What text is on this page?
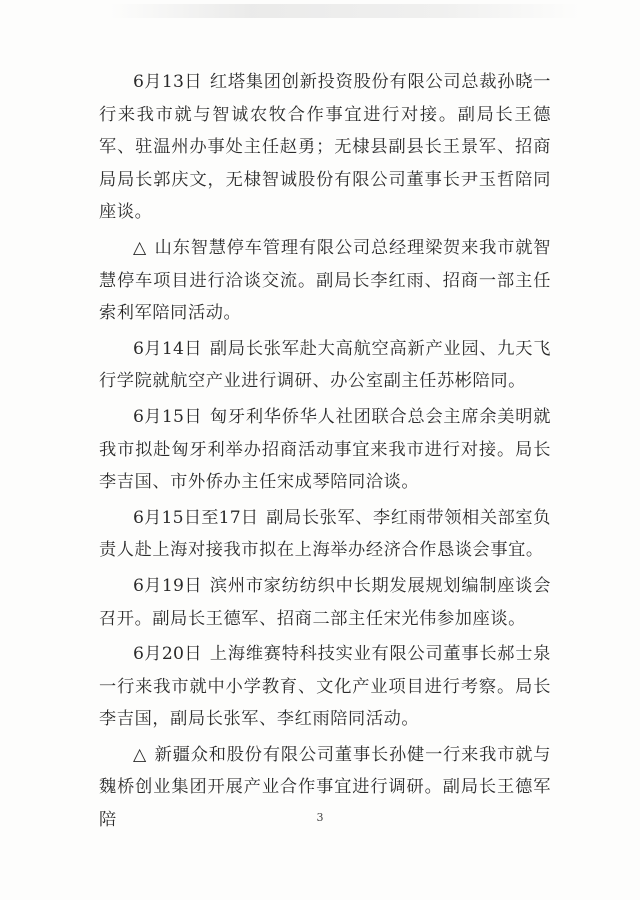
6月13日 红塔集团创新投资股份有限公司总裁孙晓一行来我市就与智诚农牧合作事宜进行对接。副局长王德军、驻温州办事处主任赵勇；无棣县副县长王景军、招商局局长郭庆文，无棣智诚股份有限公司董事长尹玉哲陪同座谈。

△ 山东智慧停车管理有限公司总经理梁贺来我市就智慧停车项目进行洽谈交流。副局长李红雨、招商一部主任索利军陪同活动。

6月14日 副局长张军赴大高航空高新产业园、九天飞行学院就航空产业进行调研、办公室副主任苏彬陪同。

6月15日 匈牙利华侨华人社团联合总会主席余美明就我市拟赴匈牙利举办招商活动事宜来我市进行对接。局长李吉国、市外侨办主任宋成琴陪同洽谈。

6月15日至17日 副局长张军、李红雨带领相关部室负责人赴上海对接我市拟在上海举办经济合作恳谈会事宜。

6月19日 滨州市家纺纺织中长期发展规划编制座谈会召开。副局长王德军、招商二部主任宋光伟参加座谈。

6月20日 上海维赛特科技实业有限公司董事长郝士泉一行来我市就中小学教育、文化产业项目进行考察。局长李吉国，副局长张军、李红雨陪同活动。

△ 新疆众和股份有限公司董事长孙健一行来我市就与魏桥创业集团开展产业合作事宜进行调研。副局长王德军陪	3
